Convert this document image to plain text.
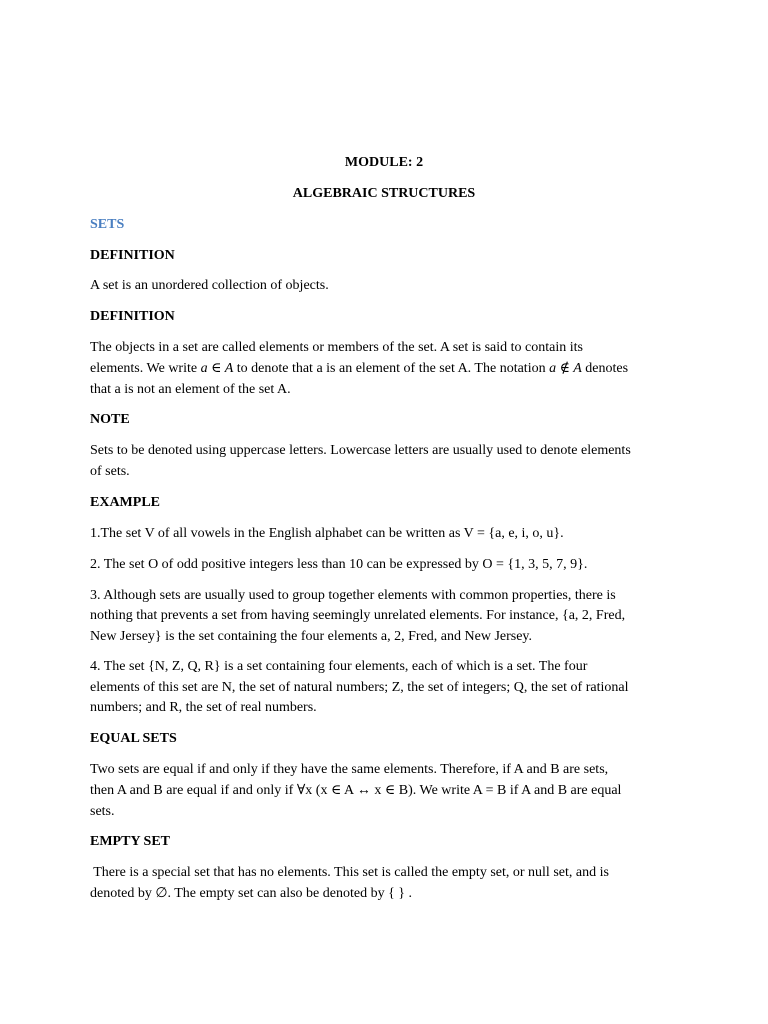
MODULE: 2
ALGEBRAIC STRUCTURES
SETS
DEFINITION
A set is an unordered collection of objects.
DEFINITION
The objects in a set are called elements or members of the set. A set is said to contain its
elements. We write a ∈ A to denote that a is an element of the set A. The notation a ∉ A denotes
that a is not an element of the set A.
NOTE
Sets to be denoted using uppercase letters. Lowercase letters are usually used to denote elements
of sets.
EXAMPLE
1.The set V of all vowels in the English alphabet can be written as V = {a, e, i, o, u}.
2. The set O of odd positive integers less than 10 can be expressed by O = {1, 3, 5, 7, 9}.
3. Although sets are usually used to group together elements with common properties, there is
nothing that prevents a set from having seemingly unrelated elements. For instance, {a, 2, Fred,
New Jersey} is the set containing the four elements a, 2, Fred, and New Jersey.
4. The set {N, Z, Q, R} is a set containing four elements, each of which is a set. The four
elements of this set are N, the set of natural numbers; Z, the set of integers; Q, the set of rational
numbers; and R, the set of real numbers.
EQUAL SETS
Two sets are equal if and only if they have the same elements. Therefore, if A and B are sets,
then A and B are equal if and only if ∀x (x ∈ A ↔ x ∈ B). We write A = B if A and B are equal
sets.
EMPTY SET
There is a special set that has no elements. This set is called the empty set, or null set, and is
denoted by ∅. The empty set can also be denoted by { } .
